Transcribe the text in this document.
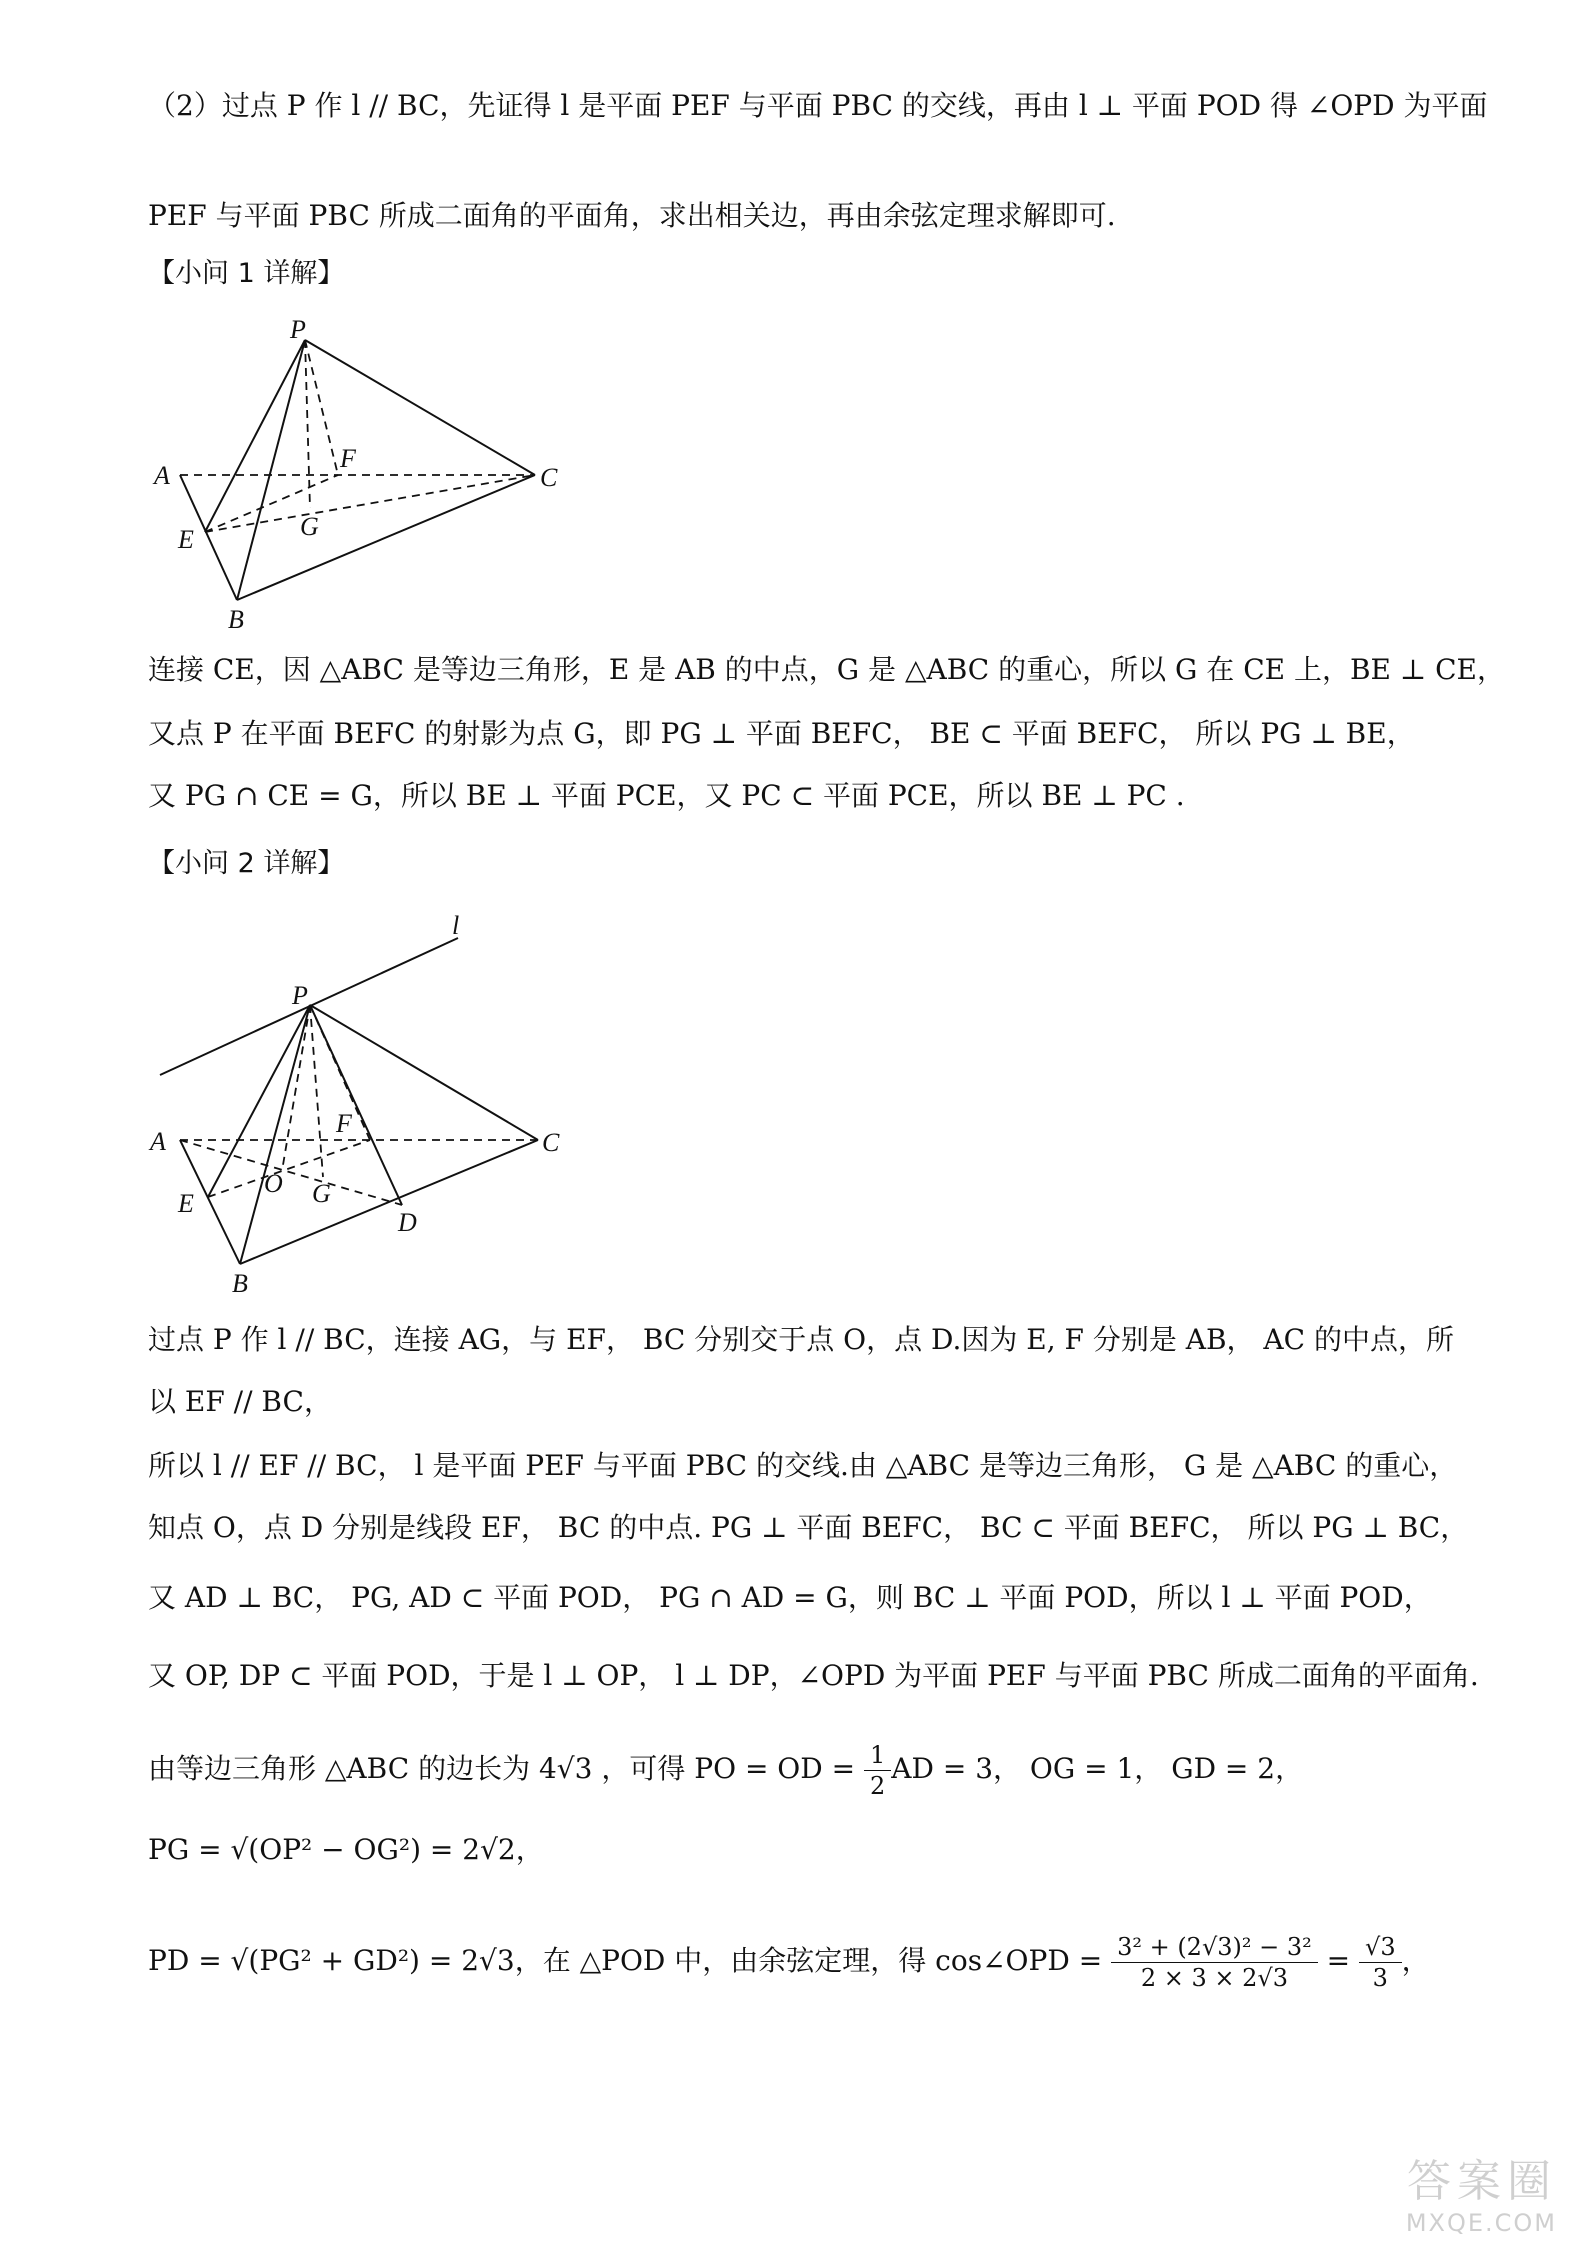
（2）过点 P 作 l // BC，先证得 l 是平面 PEF 与平面 PBC 的交线，再由 l ⊥ 平面 POD 得 ∠OPD 为平面
PEF 与平面 PBC 所成二面角的平面角，求出相关边，再由余弦定理求解即可.
【小问 1 详解】
P
A	C
F
E	G
B
连接 CE，因 △ABC 是等边三角形，E 是 AB 的中点，G 是 △ABC 的重心，所以 G 在 CE 上，BE ⊥ CE，
又点 P 在平面 BEFC 的射影为点 G，即 PG ⊥ 平面 BEFC， BE ⊂ 平面 BEFC， 所以 PG ⊥ BE，
又 PG ∩ CE = G，所以 BE ⊥ 平面 PCE，又 PC ⊂ 平面 PCE，所以 BE ⊥ PC .
【小问 2 详解】
l
P
A	C
F
E
O G
D
B
过点 P 作 l // BC，连接 AG，与 EF， BC 分别交于点 O，点 D.因为 E, F 分别是 AB， AC 的中点，所
以 EF // BC，
所以 l // EF // BC， l 是平面 PEF 与平面 PBC 的交线.由 △ABC 是等边三角形， G 是 △ABC 的重心，
知点 O，点 D 分别是线段 EF， BC 的中点. PG ⊥ 平面 BEFC， BC ⊂ 平面 BEFC， 所以 PG ⊥ BC，
又 AD ⊥ BC， PG, AD ⊂ 平面 POD， PG ∩ AD = G，则 BC ⊥ 平面 POD，所以 l ⊥ 平面 POD，
又 OP, DP ⊂ 平面 POD，于是 l ⊥ OP， l ⊥ DP，∠OPD 为平面 PEF 与平面 PBC 所成二面角的平面角.
由等边三角形 △ABC 的边长为 4√3 ，可得 PO = OD = $\frac{1}{2}$ AD = 3， OG = 1， GD = 2，
PG = √(OP² − OG²) = 2√2，
PD = √(PG² + GD²) = 2√3，在 △POD 中，由余弦定理，得 cos∠OPD = $\frac{\text{3² + (2√3)² − 3²}}{2 \times 3 \times 2√3} = \frac{√3}{3}$ ，
答案圈
MXQE.COM
